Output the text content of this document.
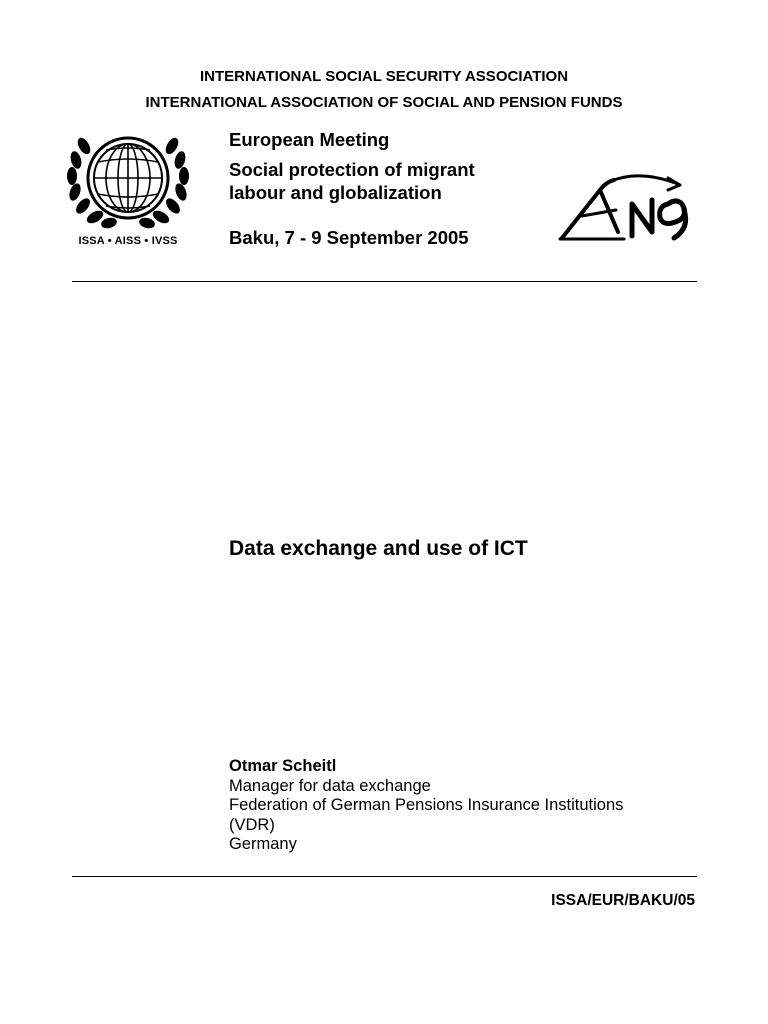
INTERNATIONAL SOCIAL SECURITY ASSOCIATION
INTERNATIONAL ASSOCIATION OF SOCIAL AND PENSION FUNDS
ISSA • AISS • IVSS
European Meeting
Social protection of migrant
labour and globalization
Baku, 7 - 9 September 2005
Data exchange and use of ICT
Otmar Scheitl
Manager for data exchange
Federation of German Pensions Insurance Institutions
(VDR)
Germany
ISSA/EUR/BAKU/05
